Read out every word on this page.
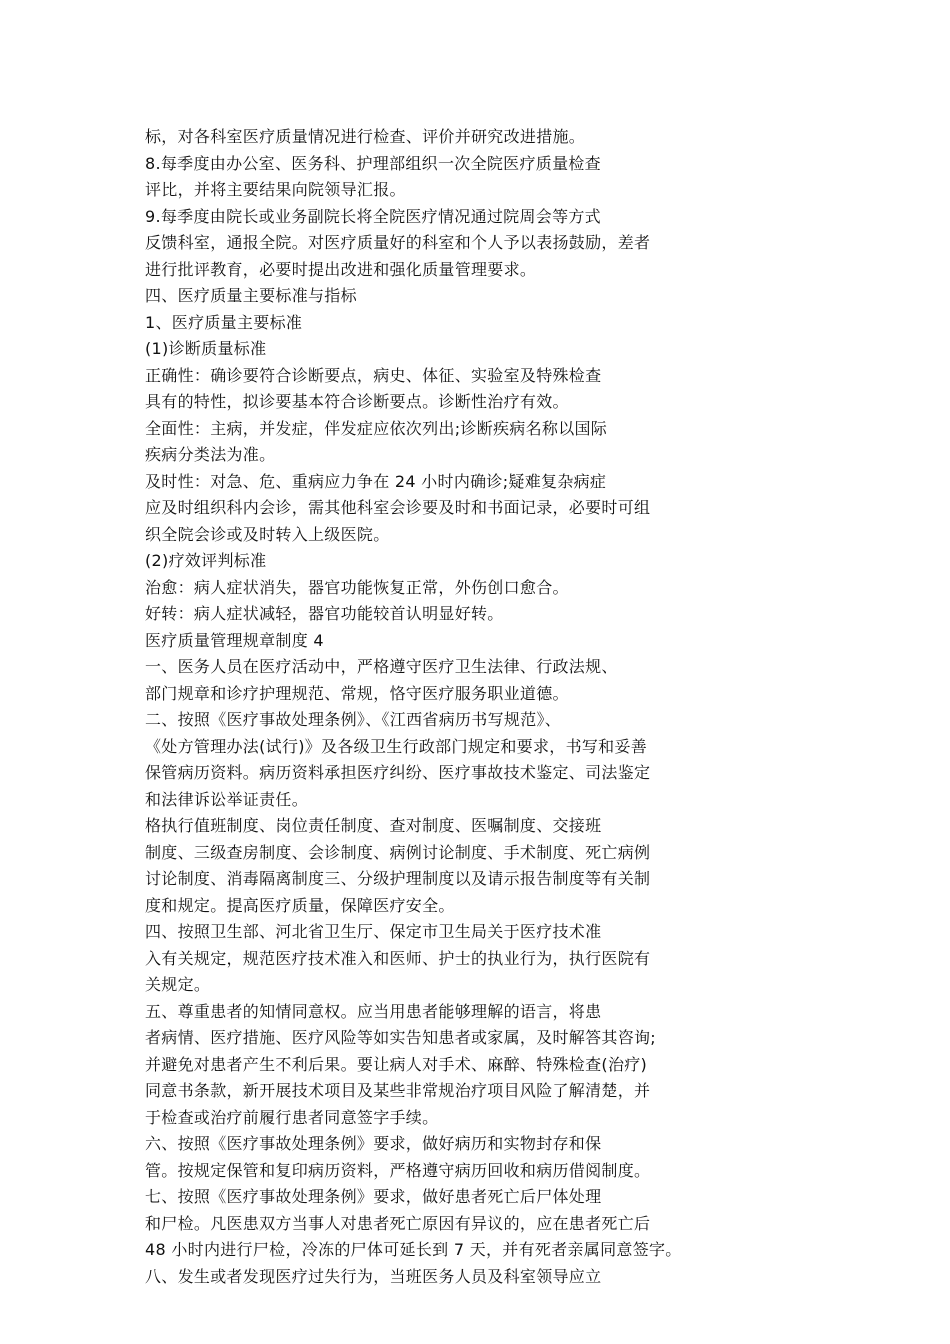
标，对各科室医疗质量情况进行检查、评价并研究改进措施。
8.每季度由办公室、医务科、护理部组织一次全院医疗质量检查
评比，并将主要结果向院领导汇报。
9.每季度由院长或业务副院长将全院医疗情况通过院周会等方式
反馈科室，通报全院。对医疗质量好的科室和个人予以表扬鼓励，差者
进行批评教育，必要时提出改进和强化质量管理要求。
四、医疗质量主要标准与指标
1、医疗质量主要标准
(1)诊断质量标准
正确性：确诊要符合诊断要点，病史、体征、实验室及特殊检查
具有的特性，拟诊要基本符合诊断要点。诊断性治疗有效。
全面性：主病，并发症，伴发症应依次列出;诊断疾病名称以国际
疾病分类法为准。
及时性：对急、危、重病应力争在 24 小时内确诊;疑难复杂病症
应及时组织科内会诊，需其他科室会诊要及时和书面记录，必要时可组
织全院会诊或及时转入上级医院。
(2)疗效评判标准
治愈：病人症状消失，器官功能恢复正常，外伤创口愈合。
好转：病人症状减轻，器官功能较首认明显好转。
医疗质量管理规章制度 4
一、医务人员在医疗活动中，严格遵守医疗卫生法律、行政法规、
部门规章和诊疗护理规范、常规，恪守医疗服务职业道德。
二、按照《医疗事故处理条例》、《江西省病历书写规范》、
《处方管理办法(试行)》及各级卫生行政部门规定和要求，书写和妥善
保管病历资料。病历资料承担医疗纠纷、医疗事故技术鉴定、司法鉴定
和法律诉讼举证责任。
格执行值班制度、岗位责任制度、查对制度、医嘱制度、交接班
制度、三级查房制度、会诊制度、病例讨论制度、手术制度、死亡病例
讨论制度、消毒隔离制度三、分级护理制度以及请示报告制度等有关制
度和规定。提高医疗质量，保障医疗安全。
四、按照卫生部、河北省卫生厅、保定市卫生局关于医疗技术准
入有关规定，规范医疗技术准入和医师、护士的执业行为，执行医院有
关规定。
五、尊重患者的知情同意权。应当用患者能够理解的语言，将患
者病情、医疗措施、医疗风险等如实告知患者或家属，及时解答其咨询;
并避免对患者产生不利后果。要让病人对手术、麻醉、特殊检查(治疗)
同意书条款，新开展技术项目及某些非常规治疗项目风险了解清楚，并
于检查或治疗前履行患者同意签字手续。
六、按照《医疗事故处理条例》要求，做好病历和实物封存和保
管。按规定保管和复印病历资料，严格遵守病历回收和病历借阅制度。
七、按照《医疗事故处理条例》要求，做好患者死亡后尸体处理
和尸检。凡医患双方当事人对患者死亡原因有异议的，应在患者死亡后
48 小时内进行尸检，冷冻的尸体可延长到 7 天，并有死者亲属同意签字。
八、发生或者发现医疗过失行为，当班医务人员及科室领导应立
